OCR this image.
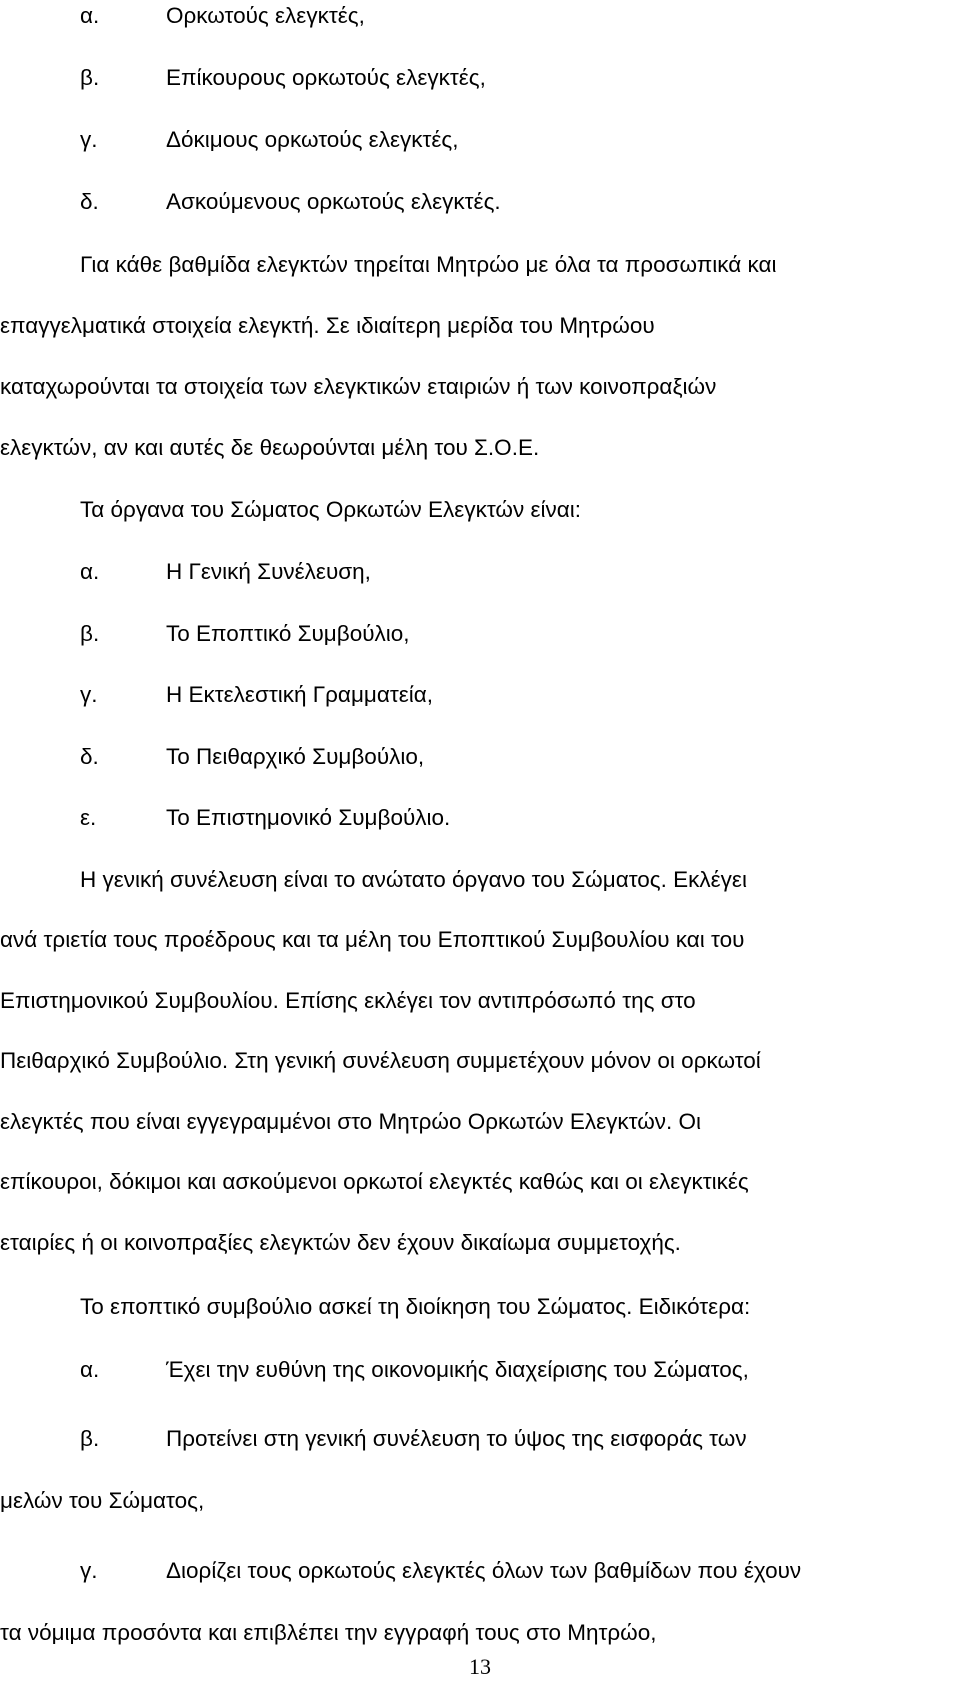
α.	Ορκωτούς ελεγκτές,
β.	Επίκουρους ορκωτούς ελεγκτές,
γ.	Δόκιμους ορκωτούς ελεγκτές,
δ.	Ασκούμενους ορκωτούς ελεγκτές.
Για κάθε βαθμίδα ελεγκτών τηρείται Μητρώο με όλα τα προσωπικά και
επαγγελματικά στοιχεία ελεγκτή. Σε ιδιαίτερη μερίδα του Μητρώου
καταχωρούνται τα στοιχεία των ελεγκτικών εταιριών ή των κοινοπραξιών
ελεγκτών, αν και αυτές δε θεωρούνται μέλη του Σ.Ο.Ε.
Τα όργανα του Σώματος Ορκωτών Ελεγκτών είναι:
α.	Η Γενική Συνέλευση,
β.	Το Εποπτικό Συμβούλιο,
γ.	Η Εκτελεστική Γραμματεία,
δ.	Το Πειθαρχικό Συμβούλιο,
ε.	Το Επιστημονικό Συμβούλιο.
Η γενική συνέλευση είναι το ανώτατο όργανο του Σώματος. Εκλέγει
ανά τριετία τους προέδρους και τα μέλη του Εποπτικού Συμβουλίου και του
Επιστημονικού Συμβουλίου. Επίσης εκλέγει τον αντιπρόσωπό της στο
Πειθαρχικό Συμβούλιο. Στη γενική συνέλευση συμμετέχουν μόνον οι ορκωτοί
ελεγκτές που είναι εγγεγραμμένοι στο Μητρώο Ορκωτών Ελεγκτών. Οι
επίκουροι, δόκιμοι και ασκούμενοι ορκωτοί ελεγκτές καθώς και οι ελεγκτικές
εταιρίες ή οι κοινοπραξίες ελεγκτών δεν έχουν δικαίωμα συμμετοχής.
Το εποπτικό συμβούλιο ασκεί τη διοίκηση του Σώματος. Ειδικότερα:
α.	Έχει την ευθύνη της οικονομικής διαχείρισης του Σώματος,
β.	Προτείνει στη γενική συνέλευση το ύψος της εισφοράς των
μελών του Σώματος,
γ.	Διορίζει τους ορκωτούς ελεγκτές όλων των βαθμίδων που έχουν
τα νόμιμα προσόντα και επιβλέπει την εγγραφή τους στο Μητρώο,
13
